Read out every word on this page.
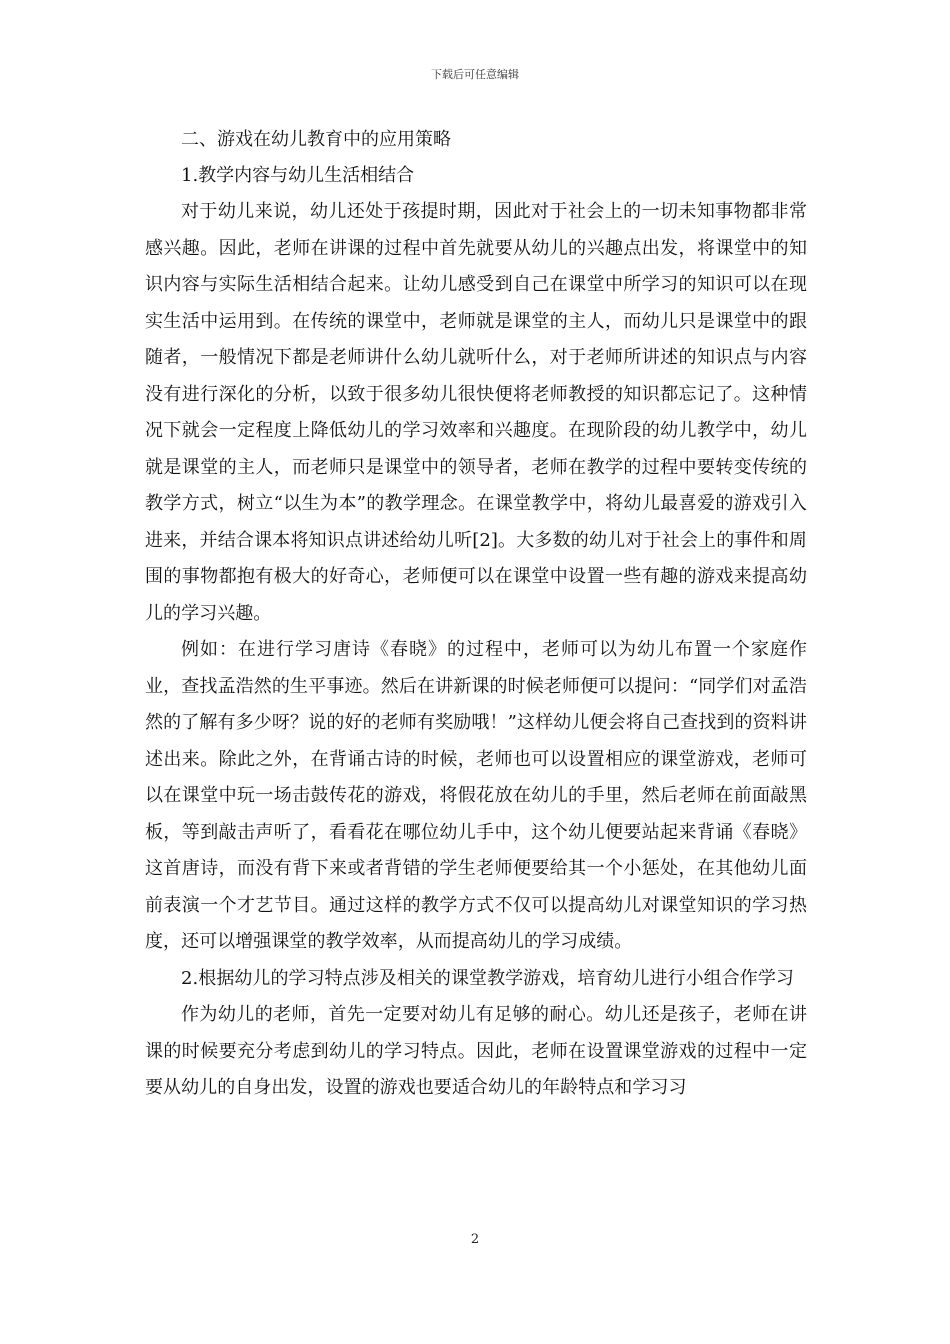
下载后可任意编辑
二、游戏在幼儿教育中的应用策略
1.教学内容与幼儿生活相结合

对于幼儿来说，幼儿还处于孩提时期，因此对于社会上的一切未知事物都非常感兴趣。因此，老师在讲课的过程中首先就要从幼儿的兴趣点出发，将课堂中的知识内容与实际生活相结合起来。让幼儿感受到自己在课堂中所学习的知识可以在现实生活中运用到。在传统的课堂中，老师就是课堂的主人，而幼儿只是课堂中的跟随者，一般情况下都是老师讲什么幼儿就听什么，对于老师所讲述的知识点与内容没有进行深化的分析，以致于很多幼儿很快便将老师教授的知识都忘记了。这种情况下就会一定程度上降低幼儿的学习效率和兴趣度。在现阶段的幼儿教学中，幼儿就是课堂的主人，而老师只是课堂中的领导者，老师在教学的过程中要转变传统的教学方式，树立“以生为本”的教学理念。在课堂教学中，将幼儿最喜爱的游戏引入进来，并结合课本将知识点讲述给幼儿听[2]。大多数的幼儿对于社会上的事件和周围的事物都抱有极大的好奇心，老师便可以在课堂中设置一些有趣的游戏来提高幼儿的学习兴趣。

例如：在进行学习唐诗《春晓》的过程中，老师可以为幼儿布置一个家庭作业，查找孟浩然的生平事迹。然后在讲新课的时候老师便可以提问：“同学们对孟浩然的了解有多少呀？说的好的老师有奖励哦！”这样幼儿便会将自己查找到的资料讲述出来。除此之外，在背诵古诗的时候，老师也可以设置相应的课堂游戏，老师可以在课堂中玩一场击鼓传花的游戏，将假花放在幼儿的手里，然后老师在前面敲黑板，等到敲击声听了，看看花在哪位幼儿手中，这个幼儿便要站起来背诵《春晓》这首唐诗，而没有背下来或者背错的学生老师便要给其一个小惩处，在其他幼儿面前表演一个才艺节目。通过这样的教学方式不仅可以提高幼儿对课堂知识的学习热度，还可以增强课堂的教学效率，从而提高幼儿的学习成绩。

2.根据幼儿的学习特点涉及相关的课堂教学游戏，培育幼儿进行小组合作学习

作为幼儿的老师，首先一定要对幼儿有足够的耐心。幼儿还是孩子，老师在讲课的时候要充分考虑到幼儿的学习特点。因此，老师在设置课堂游戏的过程中一定要从幼儿的自身出发，设置的游戏也要适合幼儿的年龄特点和学习习

2
